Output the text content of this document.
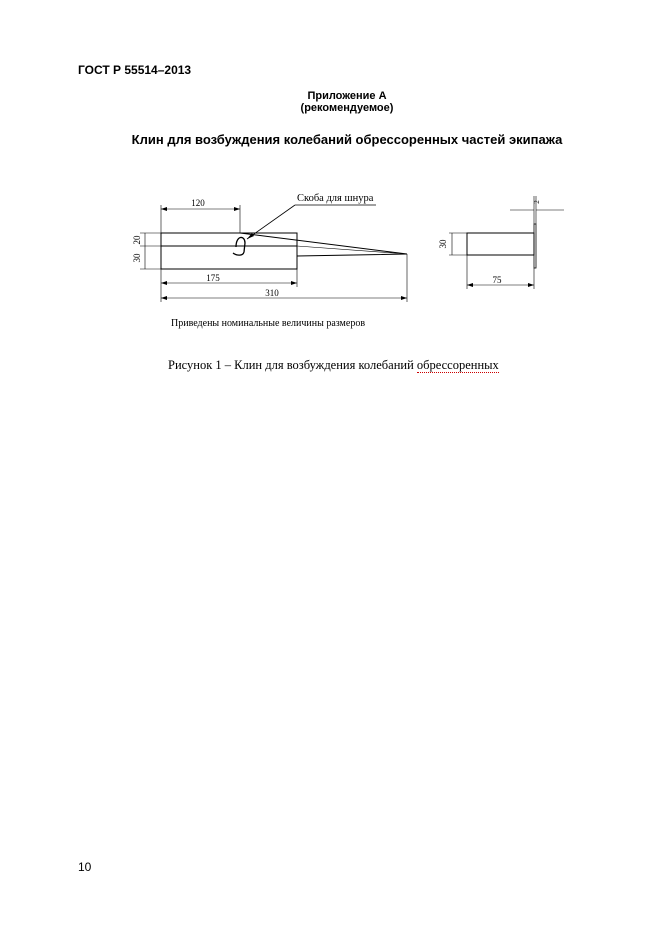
ГОСТ Р 55514–2013
Приложение А
(рекомендуемое)
Клин для возбуждения колебаний обрессоренных частей экипажа
120	Скоба для шнура
175
310
75
20
30
30
2
Приведены номинальные величины размеров
Рисунок 1 – Клин для возбуждения колебаний обрессоренных
10
